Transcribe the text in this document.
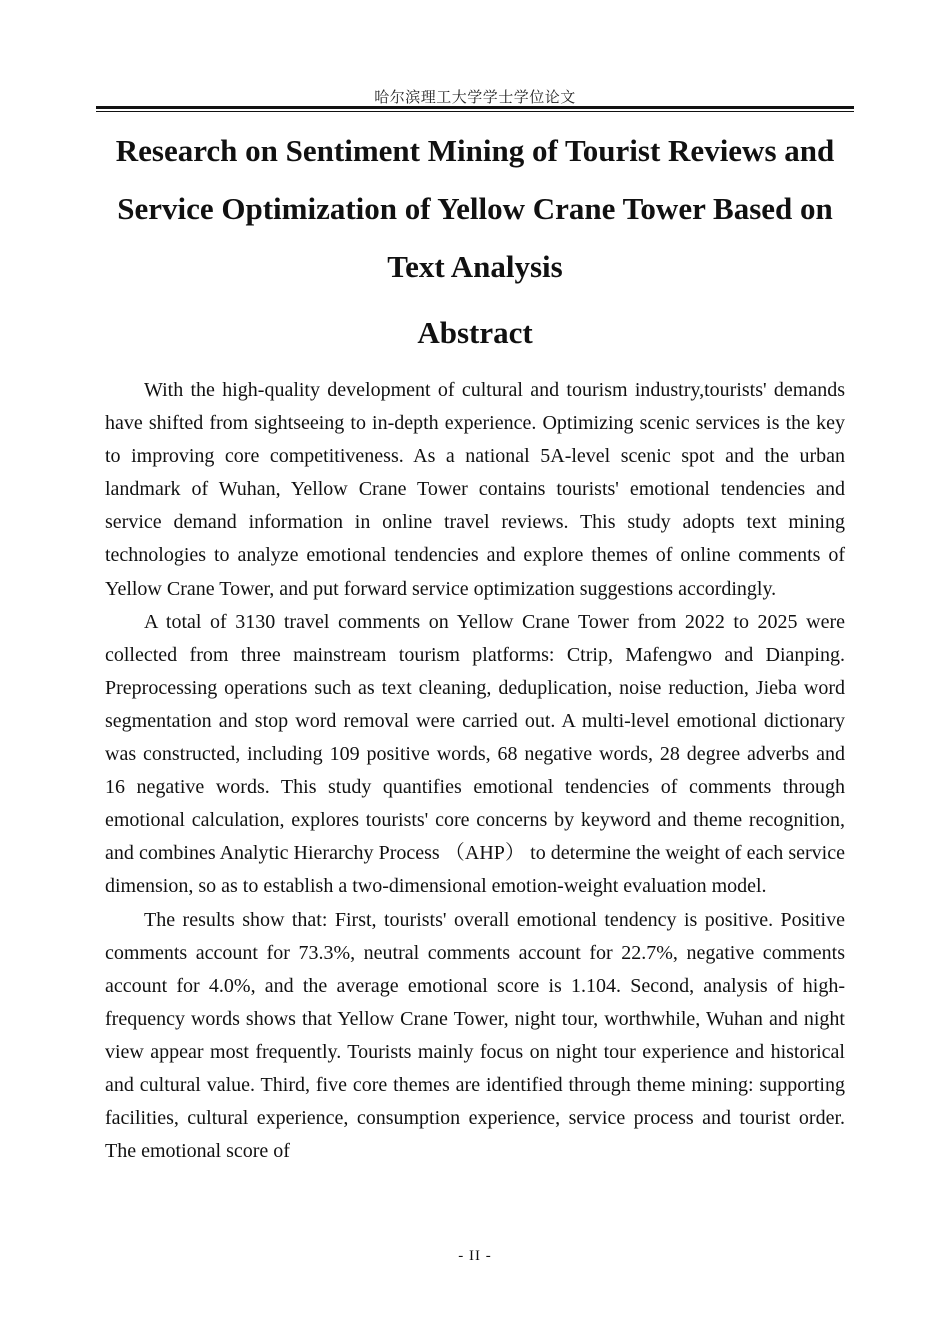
哈尔滨理工大学学士学位论文
Research on Sentiment Mining of Tourist Reviews and Service Optimization of Yellow Crane Tower Based on Text Analysis
Abstract

With the high-quality development of cultural and tourism industry,tourists' demands have shifted from sightseeing to in-depth experience. Optimizing scenic services is the key to improving core competitiveness. As a national 5A-level scenic spot and the urban landmark of Wuhan, Yellow Crane Tower contains tourists' emotional tendencies and service demand information in online travel reviews. This study adopts text mining technologies to analyze emotional tendencies and explore themes of online comments of Yellow Crane Tower, and put forward service optimization suggestions accordingly.

A total of 3130 travel comments on Yellow Crane Tower from 2022 to 2025 were collected from three mainstream tourism platforms: Ctrip, Mafengwo and Dianping. Preprocessing operations such as text cleaning, deduplication, noise reduction, Jieba word segmentation and stop word removal were carried out. A multi-level emotional dictionary was constructed, including 109 positive words, 68 negative words, 28 degree adverbs and 16 negative words. This study quantifies emotional tendencies of comments through emotional calculation, explores tourists' core concerns by keyword and theme recognition, and combines Analytic Hierarchy Process （AHP） to determine the weight of each service dimension, so as to establish a two-dimensional emotion-weight evaluation model.

The results show that: First, tourists' overall emotional tendency is positive. Positive comments account for 73.3%, neutral comments account for 22.7%, negative comments account for 4.0%, and the average emotional score is 1.104. Second, analysis of high-frequency words shows that Yellow Crane Tower, night tour, worthwhile, Wuhan and night view appear most frequently. Tourists mainly focus on night tour experience and historical and cultural value. Third, five core themes are identified through theme mining: supporting facilities, cultural experience, consumption experience, service process and tourist order. The emotional score of

- II -
